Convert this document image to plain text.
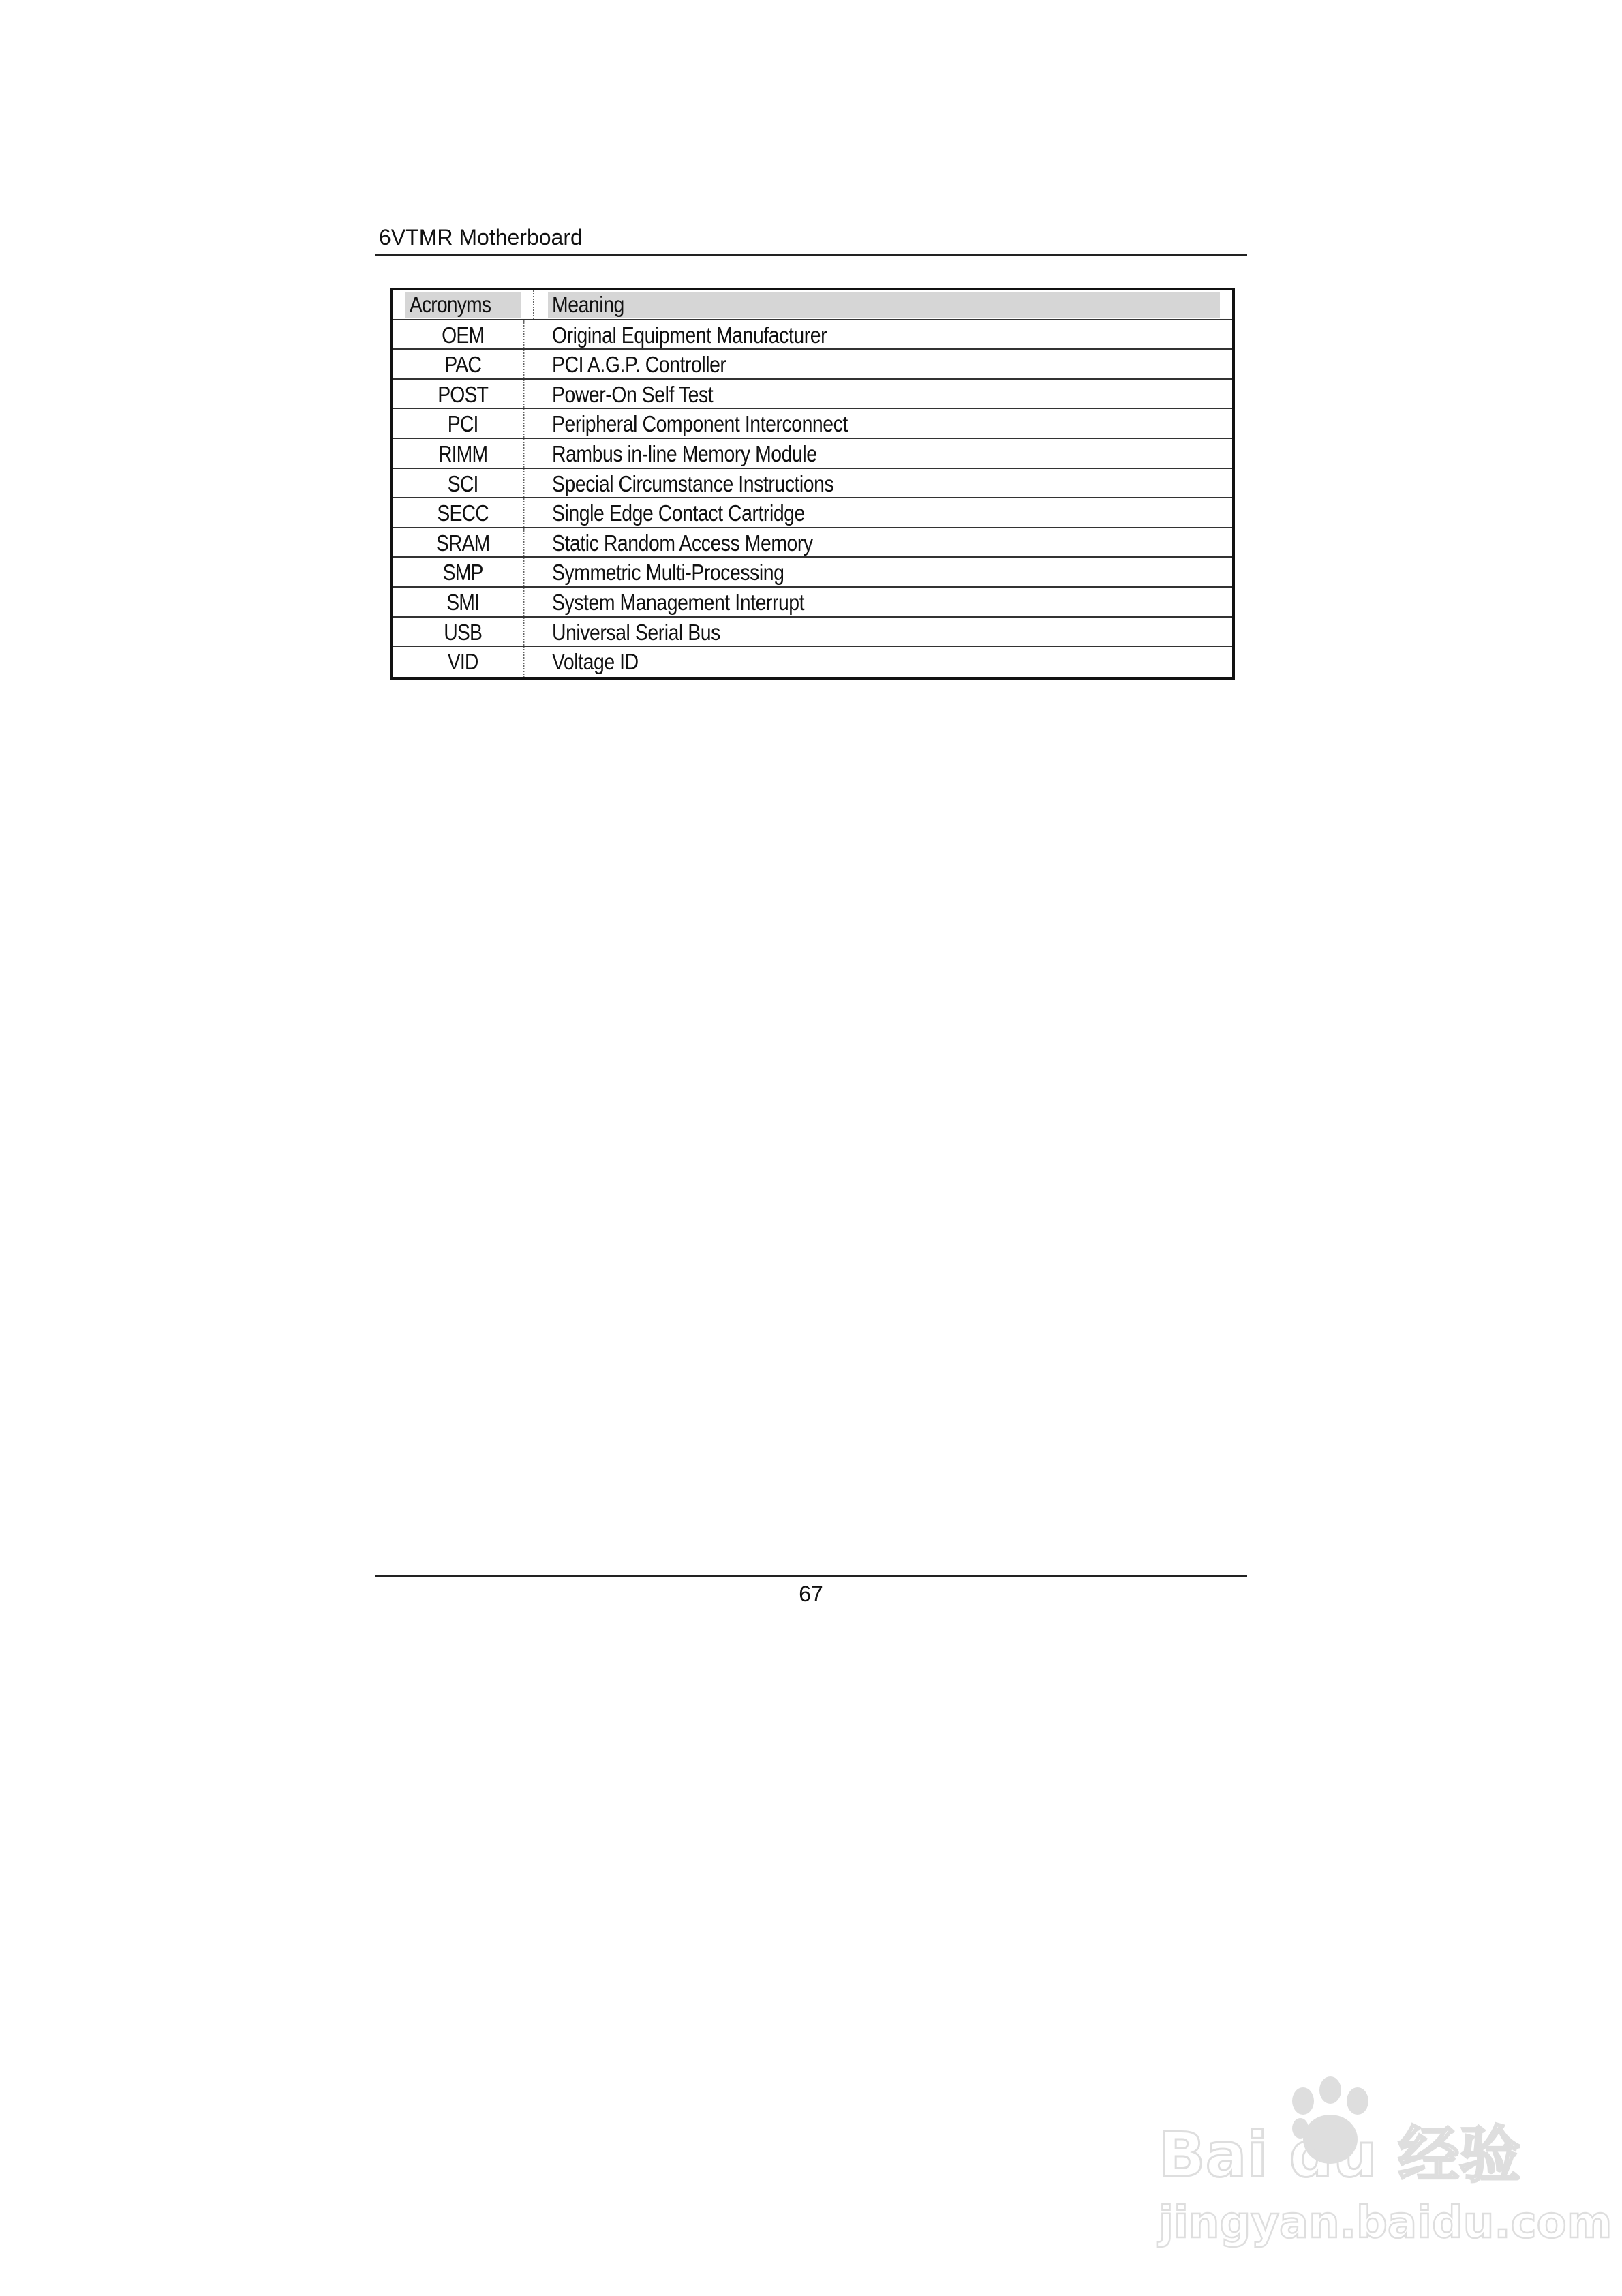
6VTMR Motherboard
Acronyms	Meaning
OEM	Original Equipment Manufacturer
PAC	PCI A.G.P. Controller
POST	Power-On Self Test
PCI	Peripheral Component Interconnect
RIMM	Rambus in-line Memory Module
SCI	Special Circumstance Instructions
SECC	Single Edge Contact Cartridge
SRAM	Static Random Access Memory
SMP	Symmetric Multi-Processing
SMI	System Management Interrupt
USB	Universal Serial Bus
VID	Voltage ID
67
Bai du 经验
jingyan.baidu.com
